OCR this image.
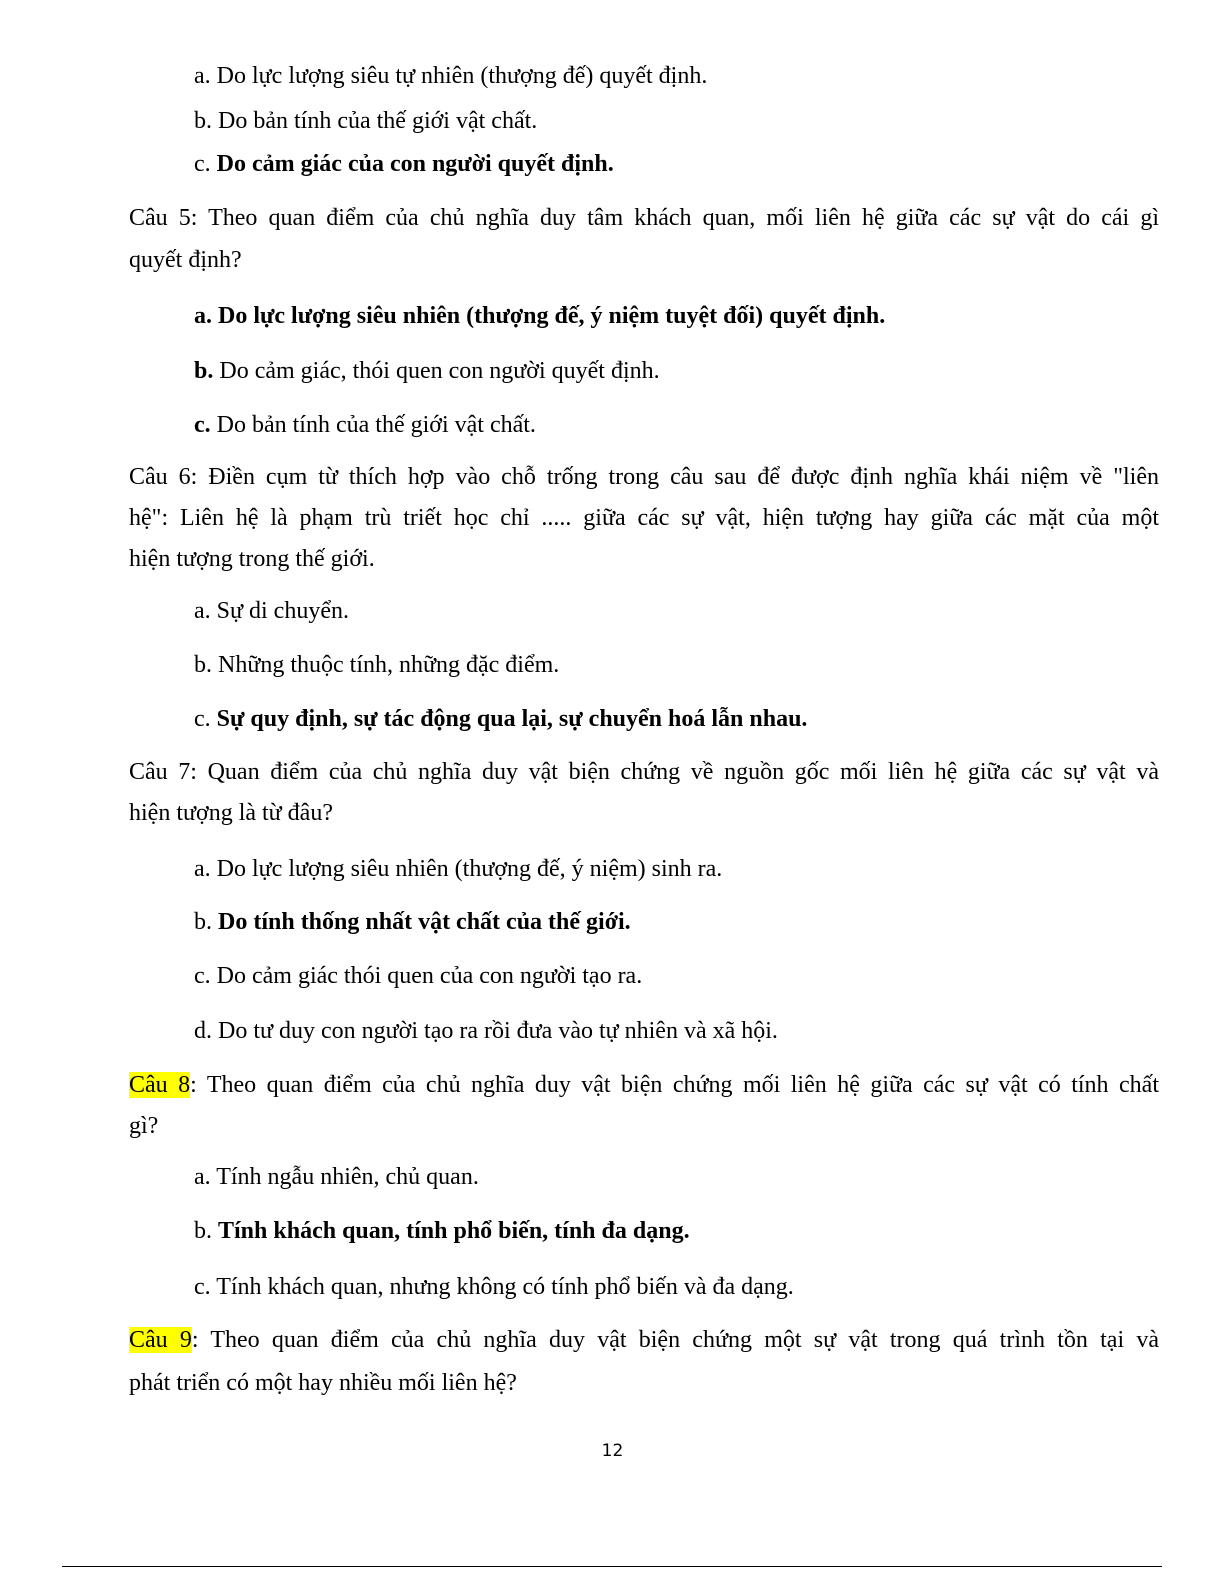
a. Do lực lượng siêu tự nhiên (thượng đế) quyết định.
b. Do bản tính của thế giới vật chất.
c. Do cảm giác của con người quyết định.
Câu 5: Theo quan điểm của chủ nghĩa duy tâm khách quan, mối liên hệ giữa các sự vật do cái gì
quyết định?
a. Do lực lượng siêu nhiên (thượng đế, ý niệm tuyệt đối) quyết định.
b. Do cảm giác, thói quen con người quyết định.
c. Do bản tính của thế giới vật chất.
Câu 6: Điền cụm từ thích hợp vào chỗ trống trong câu sau để được định nghĩa khái niệm về "liên
hệ": Liên hệ là phạm trù triết học chỉ ..... giữa các sự vật, hiện tượng hay giữa các mặt của một
hiện tượng trong thế giới.
a. Sự di chuyển.
b. Những thuộc tính, những đặc điểm.
c. Sự quy định, sự tác động qua lại, sự chuyển hoá lẫn nhau.
Câu 7: Quan điểm của chủ nghĩa duy vật biện chứng về nguồn gốc mối liên hệ giữa các sự vật và
hiện tượng là từ đâu?
a. Do lực lượng siêu nhiên (thượng đế, ý niệm) sinh ra.
b. Do tính thống nhất vật chất của thế giới.
c. Do cảm giác thói quen của con người tạo ra.
d. Do tư duy con người tạo ra rồi đưa vào tự nhiên và xã hội.
Câu 8: Theo quan điểm của chủ nghĩa duy vật biện chứng mối liên hệ giữa các sự vật có tính chất
gì?
a. Tính ngẫu nhiên, chủ quan.
b. Tính khách quan, tính phổ biến, tính đa dạng.
c. Tính khách quan, nhưng không có tính phổ biến và đa dạng.
Câu 9: Theo quan điểm của chủ nghĩa duy vật biện chứng một sự vật trong quá trình tồn tại và
phát triển có một hay nhiều mối liên hệ?
12
